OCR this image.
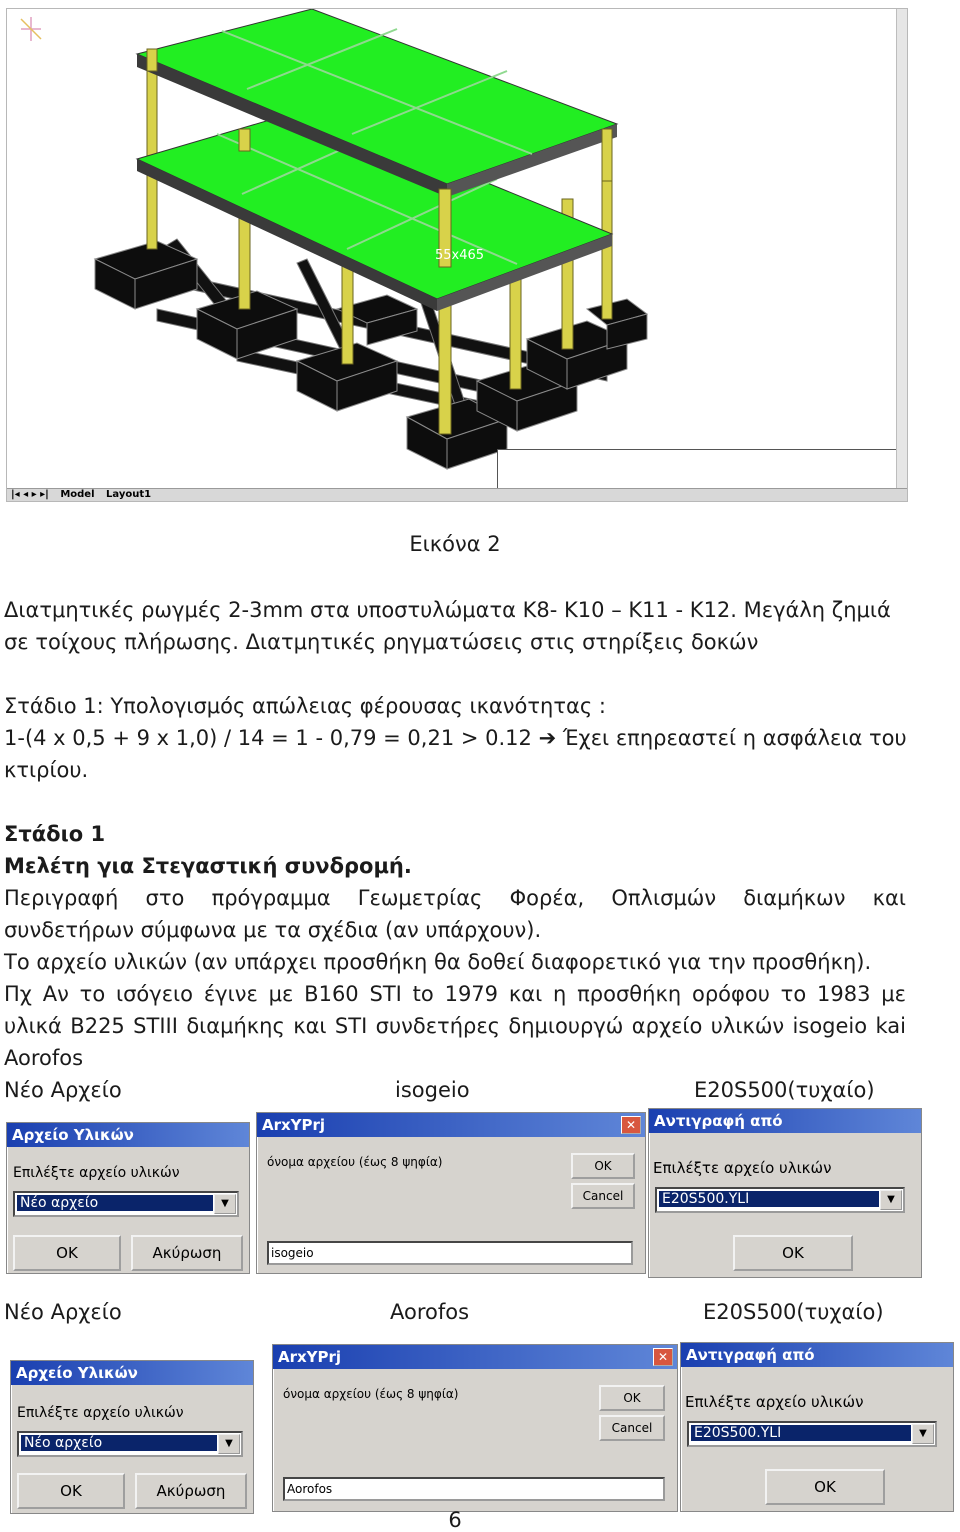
55x465
|◂ ◂ ▸ ▸| Model Layout1
Εικόνα 2
Διατμητικές ρωγμές 2-3mm στα υποστυλώματα Κ8- Κ10 – Κ11 - Κ12. Μεγάλη ζημιά
σε τοίχους πλήρωσης. Διατμητικές ρηγματώσεις στις στηρίξεις δοκών
Στάδιο 1: Υπολογισμός απώλειας φέρουσας ικανότητας :
1-(4 x 0,5 + 9 x 1,0) / 14 = 1 - 0,79 = 0,21 > 0.12 ➔ Έχει επηρεαστεί η ασφάλεια του
κτιρίου.
Στάδιο 1
Μελέτη για Στεγαστική συνδρομή.
Περιγραφή στο πρόγραμμα Γεωμετρίας Φορέα, Οπλισμών διαμήκων και
συνδετήρων σύμφωνα με τα σχέδια (αν υπάρχουν).
Το αρχείο υλικών (αν υπάρχει προσθήκη θα δοθεί διαφορετικό για την προσθήκη).
Πχ Αν το ισόγειο έγινε με Β160 STI to 1979 και η προσθήκη ορόφου το 1983 με
υλικά Β225 STIII διαμήκης και STI συνδετήρες δημιουργώ αρχείο υλικών isogeio kai
Aorofos
Νέο Αρχείο	isogeio	E20S500(τυχαίο)
Αρχείο Υλικών
Επιλέξτε αρχείο υλικών
Νέο αρχείο	▼
OK	Ακύρωση
ArxYPrj	✕
όνομα αρχείου (έως 8 ψηφία)	OK
Cancel
isogeio
Αντιγραφή από
Επιλέξτε αρχείο υλικών
E20S500.YLI	▼
OK
Νέο Αρχείο	Aorofos	E20S500(τυχαίο)
Αρχείο Υλικών
Επιλέξτε αρχείο υλικών
Νέο αρχείο	▼
OK	Ακύρωση
ArxYPrj	✕
όνομα αρχείου (έως 8 ψηφία)	OK
Cancel
Aorofos
Αντιγραφή από
Επιλέξτε αρχείο υλικών
E20S500.YLI	▼
OK
6
